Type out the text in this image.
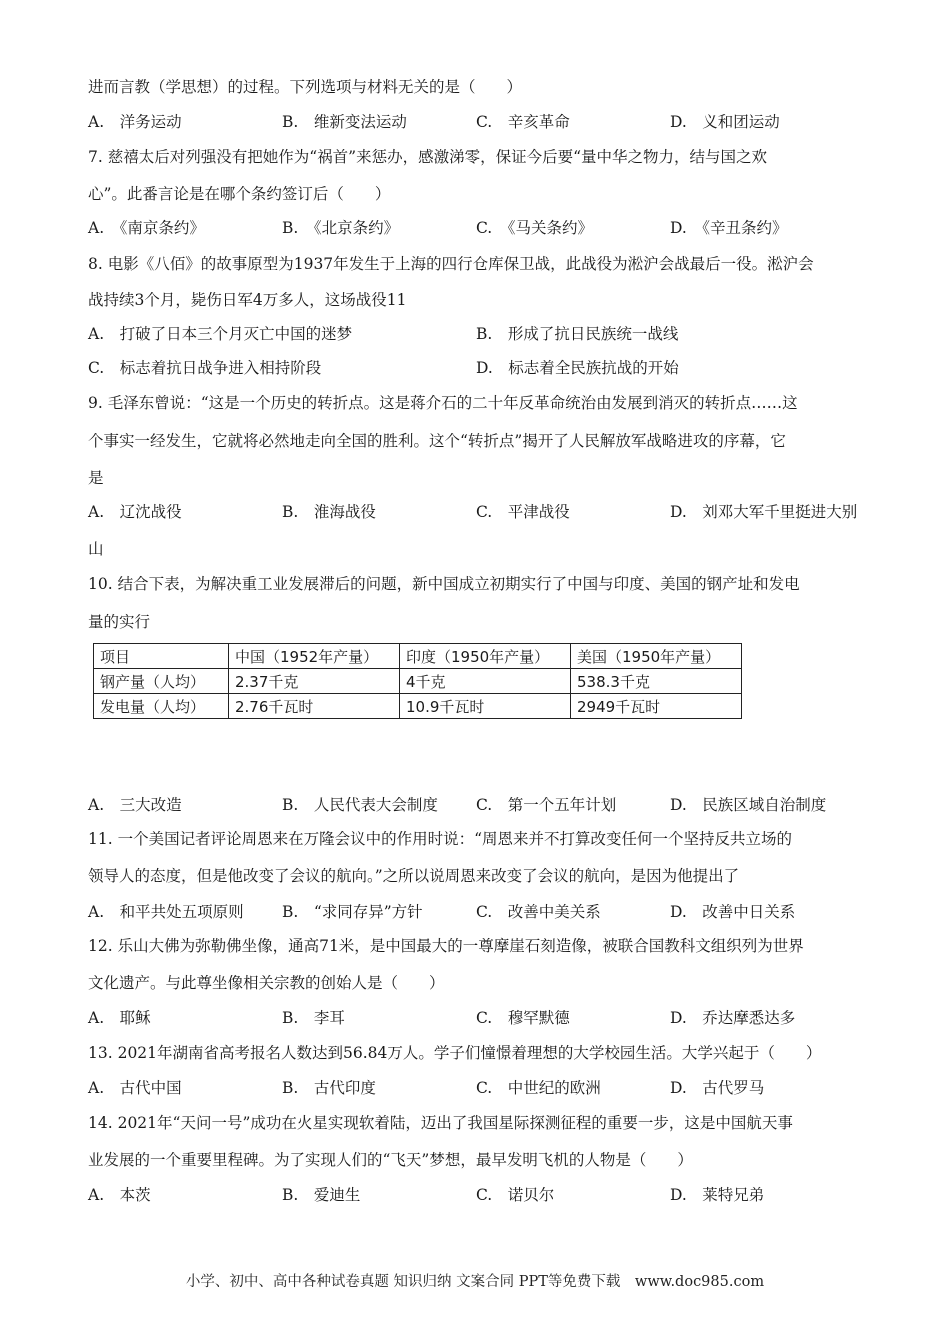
进而言教（学思想）的过程。下列选项与材料无关的是（　　）
A.　洋务运动	B.　维新变法运动	C.　辛亥革命	D.　义和团运动
7. 慈禧太后对列强没有把她作为“祸首”来惩办，感激涕零，保证今后要“量中华之物力，结与国之欢
心”。此番言论是在哪个条约签订后（　　）
A.　《南京条约》	B.　《北京条约》	C.　《马关条约》	D.　《辛丑条约》
8. 电影《八佰》的故事原型为1937年发生于上海的四行仓库保卫战，此战役为淞沪会战最后一役。淞沪会
战持续3个月，毙伤日军4万多人，这场战役11
A.　打破了日本三个月灭亡中国的迷梦	B.　形成了抗日民族统一战线
C.　标志着抗日战争进入相持阶段	D.　标志着全民族抗战的开始
9. 毛泽东曾说：“这是一个历史的转折点。这是蒋介石的二十年反革命统治由发展到消灭的转折点……这
个事实一经发生，它就将必然地走向全国的胜利。这个“转折点”揭开了人民解放军战略进攻的序幕，它
是
A.　辽沈战役	B.　淮海战役	C.　平津战役	D.　刘邓大军千里挺进大别
山
10. 结合下表，为解决重工业发展滞后的问题，新中国成立初期实行了中国与印度、美国的钢产址和发电
量的实行
项目	中国（1952年产量）	印度（1950年产量）	美国（1950年产量）
钢产量（人均）	2.37千克	4千克	538.3千克
发电量（人均）	2.76千瓦时	10.9千瓦时	2949千瓦时
A.　三大改造	B.　人民代表大会制度 C.　第一个五年计划	D.　民族区域自治制度
11. 一个美国记者评论周恩来在万隆会议中的作用时说：“周恩来并不打算改变任何一个坚持反共立场的
领导人的态度，但是他改变了会议的航向。”之所以说周恩来改变了会议的航向，是因为他提出了
A.　和平共处五项原则 B.　“求同存异”方针	C.　改善中美关系	D.　改善中日关系
12. 乐山大佛为弥勒佛坐像，通高71米，是中国最大的一尊摩崖石刻造像，被联合国教科文组织列为世界
文化遗产。与此尊坐像相关宗教的创始人是（　　）
A.　耶稣	B.　李耳	C.　穆罕默德	D.　乔达摩悉达多
13. 2021年湖南省高考报名人数达到56.84万人。学子们憧憬着理想的大学校园生活。大学兴起于（　　）
A.　古代中国	B.　古代印度	C.　中世纪的欧洲	D.　古代罗马
14. 2021年“天问一号”成功在火星实现软着陆，迈出了我国星际探测征程的重要一步，这是中国航天事
业发展的一个重要里程碑。为了实现人们的“飞天”梦想，最早发明飞机的人物是（　　）
A.　本茨	B.　爱迪生	C.　诺贝尔	D.　莱特兄弟
小学、初中、高中各种试卷真题 知识归纳 文案合同 PPT等免费下载　www.doc985.com
